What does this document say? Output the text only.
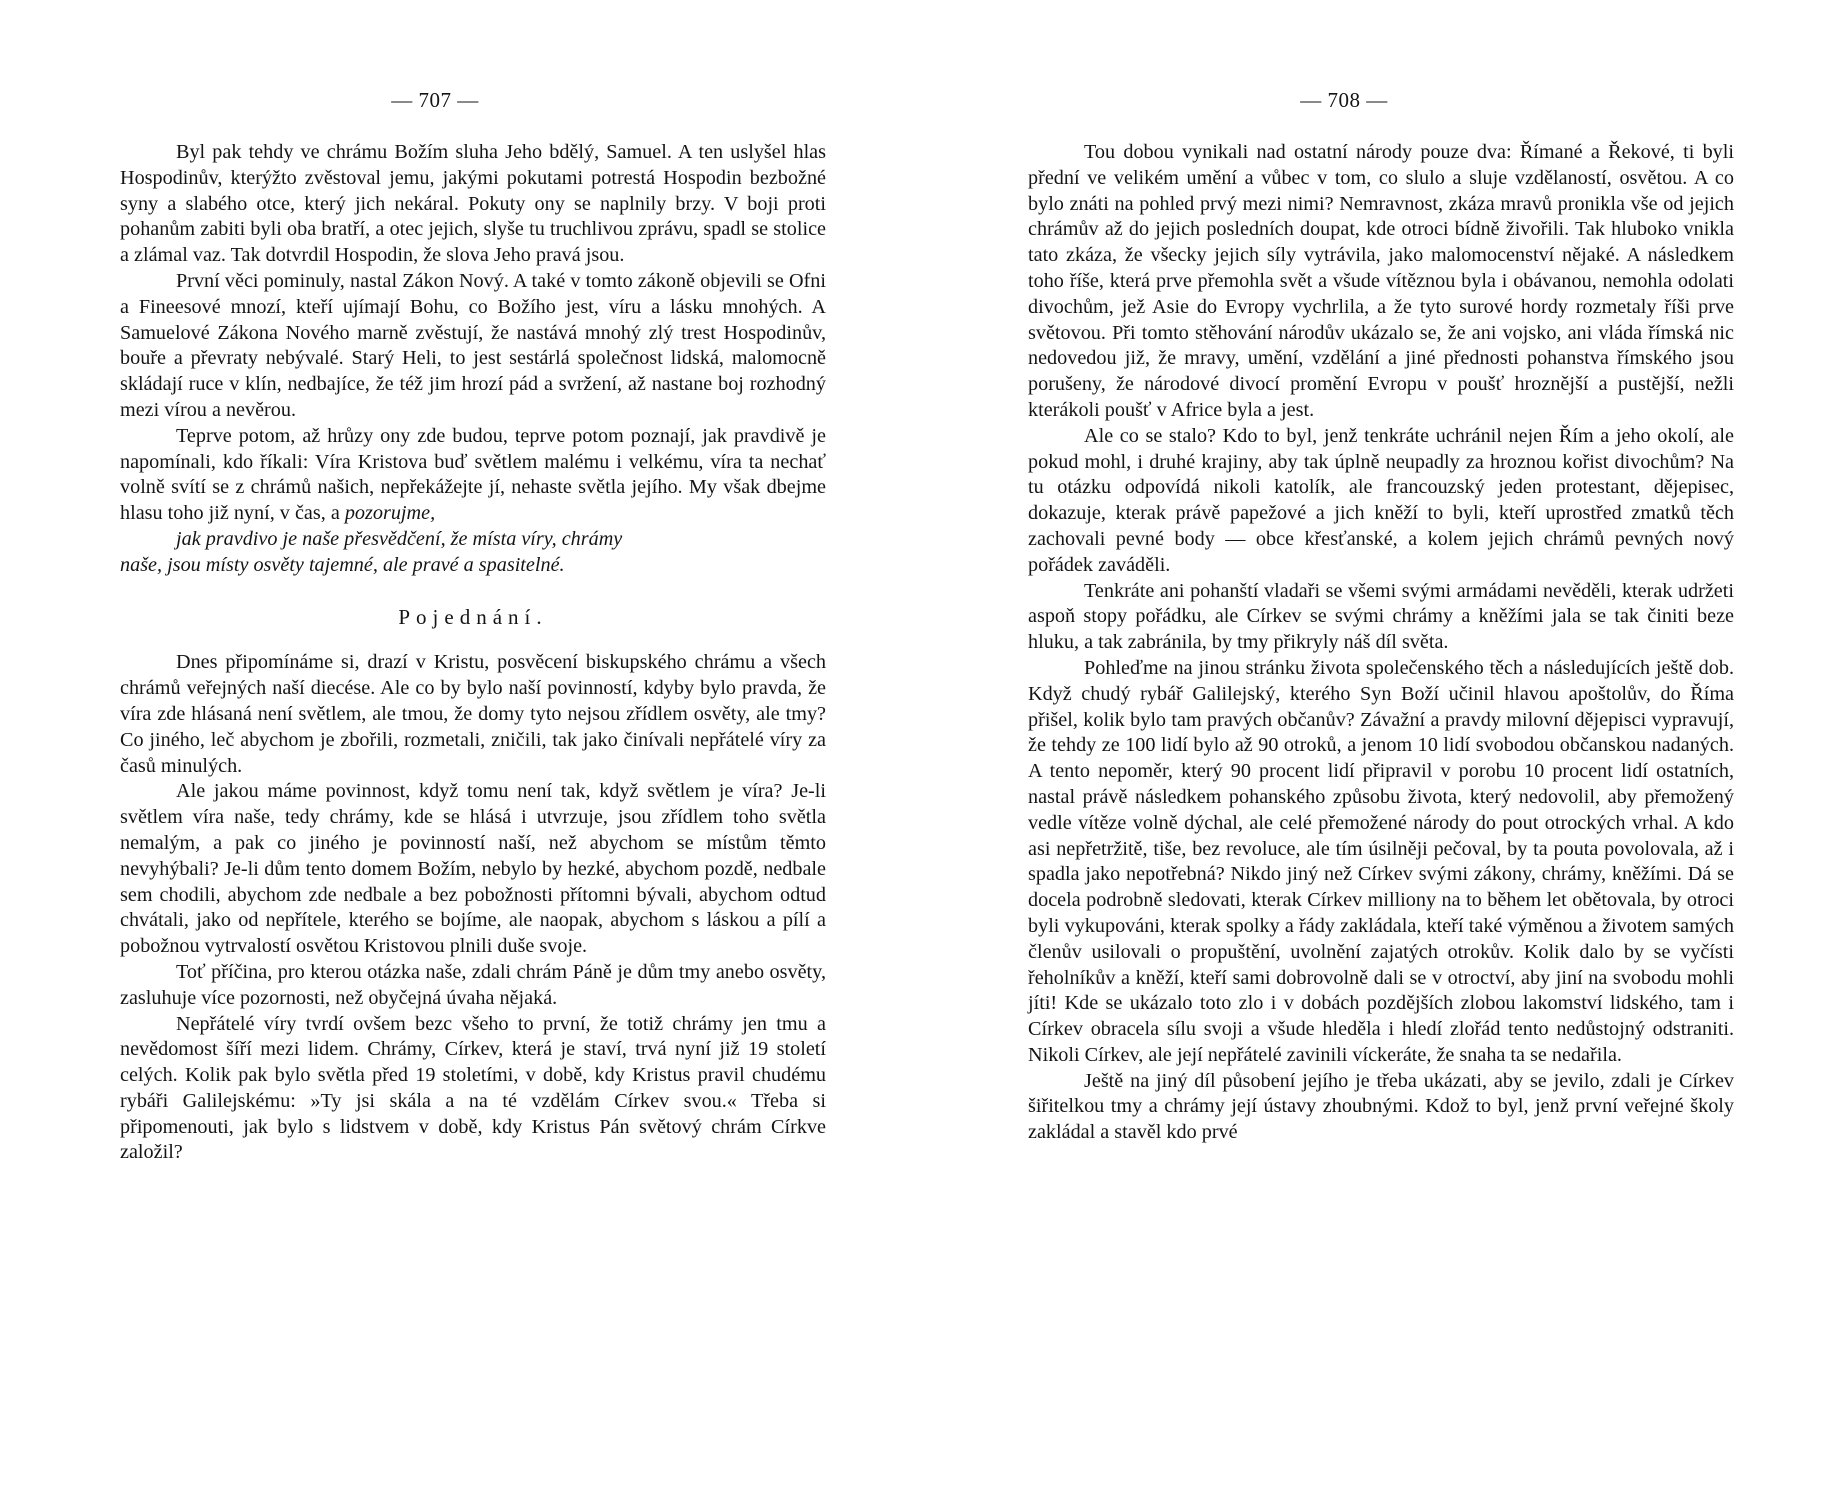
— 707 —

Byl pak tehdy ve chrámu Božím sluha Jeho bdělý, Samuel. A ten uslyšel hlas Hospodinův, kterýžto zvěstoval jemu, jakými pokutami potrestá Hospodin bezbožné syny a slabého otce, který jich nekáral. Pokuty ony se naplnily brzy. V boji proti pohanům zabiti byli oba bratří, a otec jejich, slyše tu truchlivou zprávu, spadl se stolice a zlámal vaz. Tak dotvrdil Hospodin, že slova Jeho pravá jsou.

První věci pominuly, nastal Zákon Nový. A také v tomto zákoně objevili se Ofni a Fineesové mnozí, kteří ujímají Bohu, co Božího jest, víru a lásku mnohých. A Samuelové Zákona Nového marně zvěstují, že nastává mnohý zlý trest Hospodinův, bouře a převraty nebývalé. Starý Heli, to jest sestárlá společnost lidská, malomocně skládají ruce v klín, nedbajíce, že též jim hrozí pád a svržení, až nastane boj rozhodný mezi vírou a nevěrou.

Teprve potom, až hrůzy ony zde budou, teprve potom poznají, jak pravdivě je napomínali, kdo říkali: Víra Kristova buď světlem malému i velkému, víra ta nechať volně svítí se z chrámů našich, nepřekážejte jí, nehaste světla jejího. My však dbejme hlasu toho již nyní, v čas, a pozorujme,

jak pravdivo je naše přesvědčení, že místa víry, chrámy

naše, jsou místy osvěty tajemné, ale pravé a spasitelné.

Pojednání.

Dnes připomínáme si, drazí v Kristu, posvěcení biskupského chrámu a všech chrámů veřejných naší diecése. Ale co by bylo naší povinností, kdyby bylo pravda, že víra zde hlásaná není světlem, ale tmou, že domy tyto nejsou zřídlem osvěty, ale tmy? Co jiného, leč abychom je zbořili, rozmetali, zničili, tak jako činívali nepřátelé víry za časů minulých.

Ale jakou máme povinnost, když tomu není tak, když světlem je víra? Je-li světlem víra naše, tedy chrámy, kde se hlásá i utvrzuje, jsou zřídlem toho světla nemalým, a pak co jiného je povinností naší, než abychom se místům těmto nevyhýbali? Je-li dům tento domem Božím, nebylo by hezké, abychom pozdě, nedbale sem chodili, abychom zde nedbale a bez pobožnosti přítomni bývali, abychom odtud chvátali, jako od nepřítele, kterého se bojíme, ale naopak, abychom s láskou a pílí a pobožnou vytrvalostí osvětou Kristovou plnili duše svoje.

Toť příčina, pro kterou otázka naše, zdali chrám Páně je dům tmy anebo osvěty, zasluhuje více pozornosti, než obyčejná úvaha nějaká.

Nepřátelé víry tvrdí ovšem bezc všeho to první, že totiž chrámy jen tmu a nevědomost šíří mezi lidem. Chrámy, Církev, která je staví, trvá nyní již 19 století celých. Kolik pak bylo světla před 19 stoletími, v době, kdy Kristus pravil chudému rybáři Galilejskému: »Ty jsi skála a na té vzdělám Církev svou.« Třeba si připomenouti, jak bylo s lidstvem v době, kdy Kristus Pán světový chrám Církve založil?

— 708 —

Tou dobou vynikali nad ostatní národy pouze dva: Římané a Řekové, ti byli přední ve velikém umění a vůbec v tom, co slulo a sluje vzdělaností, osvětou. A co bylo znáti na pohled prvý mezi nimi? Nemravnost, zkáza mravů pronikla vše od jejich chrámův až do jejich posledních doupat, kde otroci bídně živořili. Tak hluboko vnikla tato zkáza, že všecky jejich síly vytrávila, jako malomocenství nějaké. A následkem toho říše, která prve přemohla svět a všude vítěznou byla i obávanou, nemohla odolati divochům, jež Asie do Evropy vychrlila, a že tyto surové hordy rozmetaly říši prve světovou. Při tomto stěhování národův ukázalo se, že ani vojsko, ani vláda římská nic nedovedou již, že mravy, umění, vzdělání a jiné přednosti pohanstva římského jsou porušeny, že národové divocí promění Evropu v poušť hroznější a pustější, nežli kterákoli poušť v Africe byla a jest.

Ale co se stalo? Kdo to byl, jenž tenkráte uchránil nejen Řím a jeho okolí, ale pokud mohl, i druhé krajiny, aby tak úplně neupadly za hroznou kořist divochům? Na tu otázku odpovídá nikoli katolík, ale francouzský jeden protestant, dějepisec, dokazuje, kterak právě papežové a jich kněží to byli, kteří uprostřed zmatků těch zachovali pevné body — obce křesťanské, a kolem jejich chrámů pevných nový pořádek zaváděli.

Tenkráte ani pohanští vladaři se všemi svými armádami nevěděli, kterak udržeti aspoň stopy pořádku, ale Církev se svými chrámy a kněžími jala se tak činiti beze hluku, a tak zabránila, by tmy přikryly náš díl světa.

Pohleďme na jinou stránku života společenského těch a následujících ještě dob. Když chudý rybář Galilejský, kterého Syn Boží učinil hlavou apoštolův, do Říma přišel, kolik bylo tam pravých občanův? Závažní a pravdy milovní dějepisci vypravují, že tehdy ze 100 lidí bylo až 90 otroků, a jenom 10 lidí svobodou občanskou nadaných. A tento nepoměr, který 90 procent lidí připravil v porobu 10 procent lidí ostatních, nastal právě následkem pohanského způsobu života, který nedovolil, aby přemožený vedle vítěze volně dýchal, ale celé přemožené národy do pout otrockých vrhal. A kdo asi nepřetržitě, tiše, bez revoluce, ale tím úsilněji pečoval, by ta pouta povolovala, až i spadla jako nepotřebná? Nikdo jiný než Církev svými zákony, chrámy, kněžími. Dá se docela podrobně sledovati, kterak Církev milliony na to během let obětovala, by otroci byli vykupováni, kterak spolky a řády zakládala, kteří také výměnou a životem samých členův usilovali o propuštění, uvolnění zajatých otrokův. Kolik dalo by se vyčísti řeholníkův a kněží, kteří sami dobrovolně dali se v otroctví, aby jiní na svobodu mohli jíti! Kde se ukázalo toto zlo i v dobách pozdějších zlobou lakomství lidského, tam i Církev obracela sílu svoji a všude hleděla i hledí zlořád tento nedůstojný odstraniti. Nikoli Církev, ale její nepřátelé zavinili víckeráte, že snaha ta se nedařila.

Ještě na jiný díl působení jejího je třeba ukázati, aby se jevilo, zdali je Církev šiřitelkou tmy a chrámy její ústavy zhoubnými. Kdož to byl, jenž první veřejné školy zakládal a stavěl kdo prvé
